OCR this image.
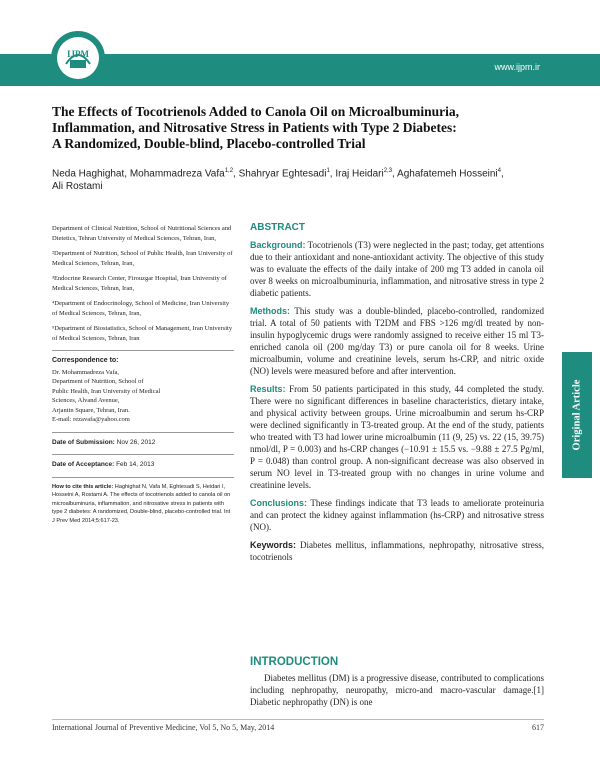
www.ijpm.ir
IJPM
The Effects of Tocotrienols Added to Canola Oil on Microalbuminuria,
Inflammation, and Nitrosative Stress in Patients with Type 2 Diabetes:
A Randomized, Double-blind, Placebo-controlled Trial
Neda Haghighat, Mohammadreza Vafa$^{1,2}$, Shahryar Eghtesadi$^1$, Iraj Heidari$^{2,3}$, Aghafatemeh Hosseini$^4$,
Ali Rostami
Department of Clinical Nutrition, School of Nutritional Sciences and Dietetics, Tehran University of Medical Sciences, Tehran, Iran,
²Department of Nutrition, School of Public Health, Iran University of Medical Sciences, Tehran, Iran,
³Endocrine Research Center, Firouzgar Hospital, Iran University of Medical Sciences, Tehran, Iran,
⁴Department of Endocrinology, School of Medicine, Iran University of Medical Sciences, Tehran, Iran,
⁵Department of Biostatistics, School of Management, Iran University of Medical Sciences, Tehran, Iran
Correspondence to:
Dr. Mohammadreza Vafa,
Department of Nutrition, School of
Public Health, Iran University of Medical
Sciences, Alvand Avenue,
Arjantin Square, Tehran, Iran.
E-mail: rezavafa@yahoo.com
Date of Submission: Nov 26, 2012
Date of Acceptance: Feb 14, 2013
How to cite this article: Haghighat N, Vafa M, Eghtesadi S, Heidari I, Hosseini A, Rostami A. The effects of tocotrienols added to canola oil on microalbuminuria, inflammation, and nitrosative stress in patients with type 2 diabetes: A randomized, Double-blind, placebo-controlled trial. Int J Prev Med 2014;5:617-23.
ABSTRACT
Background: Tocotrienols (T3) were neglected in the past; today, get attentions due to their antioxidant and none-antioxidant activity. The objective of this study was to evaluate the effects of the daily intake of 200 mg T3 added in canola oil over 8 weeks on microalbuminuria, inflammation, and nitrosative stress in type 2 diabetic patients.
Methods: This study was a double-blinded, placebo-controlled, randomized trial. A total of 50 patients with T2DM and FBS >126 mg/dl treated by non-insulin hypoglycemic drugs were randomly assigned to receive either 15 ml T3-enriched canola oil (200 mg/day T3) or pure canola oil for 8 weeks. Urine microalbumin, volume and creatinine levels, serum hs-CRP, and nitric oxide (NO) levels were measured before and after intervention.
Results: From 50 patients participated in this study, 44 completed the study. There were no significant differences in baseline characteristics, dietary intake, and physical activity between groups. Urine microalbumin and serum hs-CRP were declined significantly in T3-treated group. At the end of the study, patients who treated with T3 had lower urine microalbumin (11 (9, 25) vs. 22 (15, 39.75) nmol/dl, P = 0.003) and hs-CRP changes (−10.91 ± 15.5 vs. −9.88 ± 27.5 Pg/ml, P = 0.048) than control group. A non-significant decrease was also observed in serum NO level in T3-treated group with no changes in urine volume and creatinine levels.
Conclusions: These findings indicate that T3 leads to ameliorate proteinuria and can protect the kidney against inflammation (hs-CRP) and nitrosative stress (NO).
Keywords: Diabetes mellitus, inflammations, nephropathy, nitrosative stress, tocotrienols
INTRODUCTION
Diabetes mellitus (DM) is a progressive disease, contributed to complications including nephropathy, neuropathy, micro-and macro-vascular damage.[1] Diabetic nephropathy (DN) is one
Original Article
International Journal of Preventive Medicine, Vol 5, No 5, May, 2014	617
